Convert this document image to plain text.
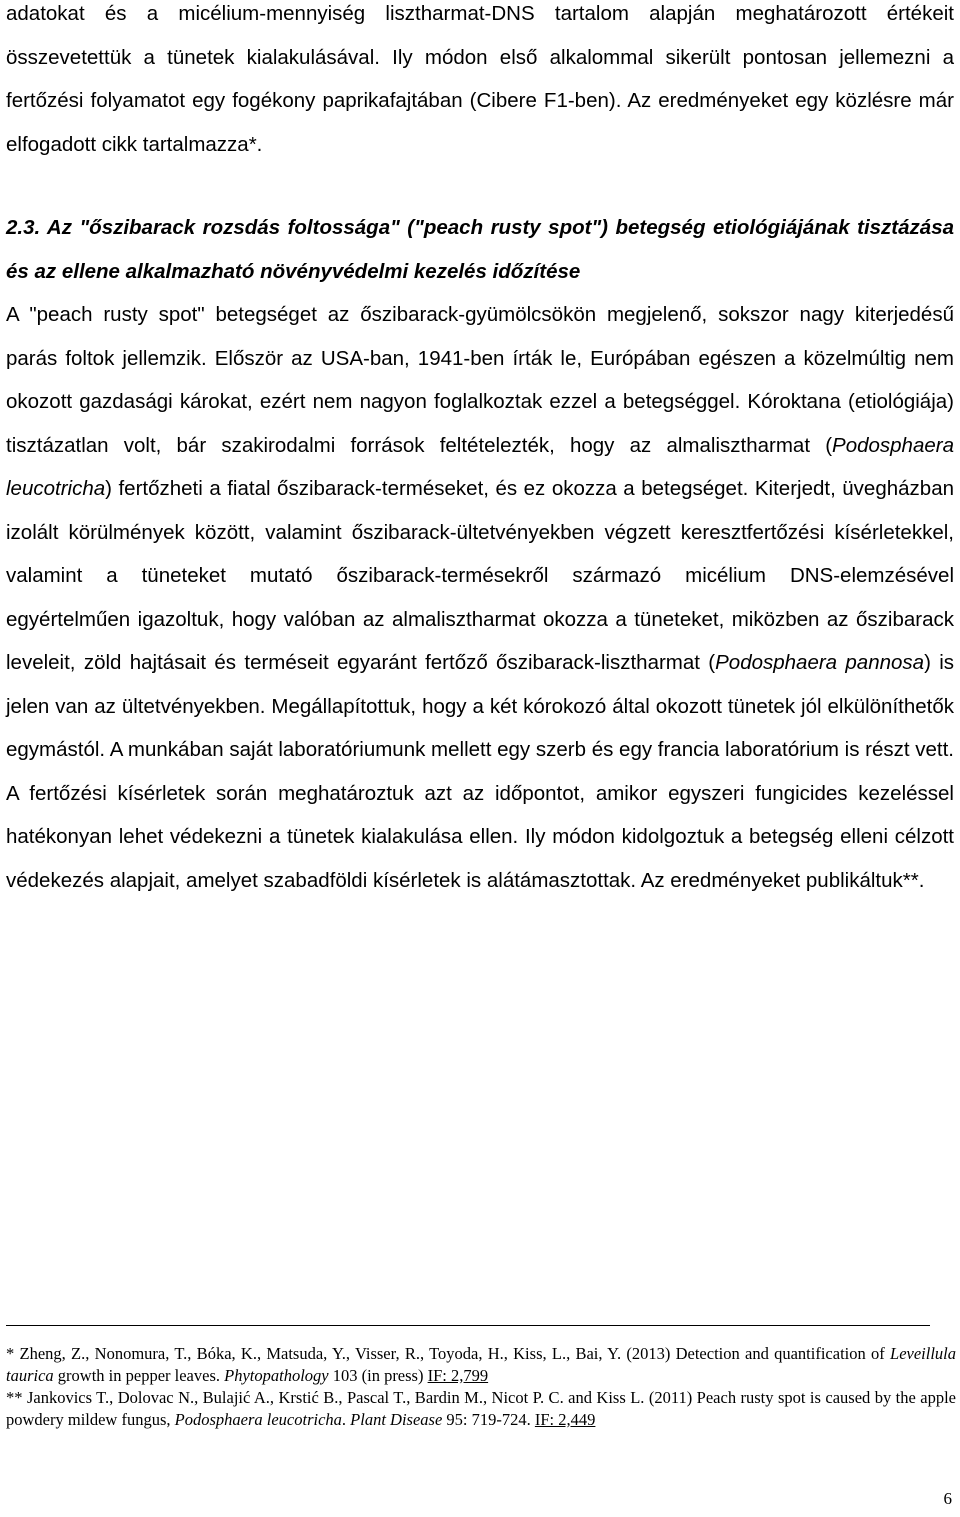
adatokat és a micélium-mennyiség lisztharmat-DNS tartalom alapján meghatározott értékeit összevetettük a tünetek kialakulásával. Ily módon első alkalommal sikerült pontosan jellemezni a fertőzési folyamatot egy fogékony paprikafajtában (Cibere F1-ben). Az eredményeket egy közlésre már elfogadott cikk tartalmazza*.

2.3. Az "őszibarack rozsdás foltossága" ("peach rusty spot") betegség etiológiájának tisztázása és az ellene alkalmazható növényvédelmi kezelés időzítése

A "peach rusty spot" betegséget az őszibarack-gyümölcsökön megjelenő, sokszor nagy kiterjedésű parás foltok jellemzik. Először az USA-ban, 1941-ben írták le, Európában egészen a közelmúltig nem okozott gazdasági károkat, ezért nem nagyon foglalkoztak ezzel a betegséggel. Kóroktana (etiológiája) tisztázatlan volt, bár szakirodalmi források feltételezték, hogy az almalisztharmat (Podosphaera leucotricha) fertőzheti a fiatal őszibarack-terméseket, és ez okozza a betegséget. Kiterjedt, üvegházban izolált körülmények között, valamint őszibarack-ültetvényekben végzett keresztfertőzési kísérletekkel, valamint a tüneteket mutató őszibarack-termésekről származó micélium DNS-elemzésével egyértelműen igazoltuk, hogy valóban az almalisztharmat okozza a tüneteket, miközben az őszibarack leveleit, zöld hajtásait és terméseit egyaránt fertőző őszibarack-lisztharmat (Podosphaera pannosa) is jelen van az ültetvényekben. Megállapítottuk, hogy a két kórokozó által okozott tünetek jól elkülöníthetők egymástól. A munkában saját laboratóriumunk mellett egy szerb és egy francia laboratórium is részt vett. A fertőzési kísérletek során meghatároztuk azt az időpontot, amikor egyszeri fungicides kezeléssel hatékonyan lehet védekezni a tünetek kialakulása ellen. Ily módon kidolgoztuk a betegség elleni célzott védekezés alapjait, amelyet szabadföldi kísérletek is alátámasztottak. Az eredményeket publikáltuk**.

* Zheng, Z., Nonomura, T., Bóka, K., Matsuda, Y., Visser, R., Toyoda, H., Kiss, L., Bai, Y. (2013) Detection and quantification of Leveillula taurica growth in pepper leaves. Phytopathology 103 (in press) IF: 2,799

** Jankovics T., Dolovac N., Bulajić A., Krstić B., Pascal T., Bardin M., Nicot P. C. and Kiss L. (2011) Peach rusty spot is caused by the apple powdery mildew fungus, Podosphaera leucotricha. Plant Disease 95: 719-724. IF: 2,449

6
